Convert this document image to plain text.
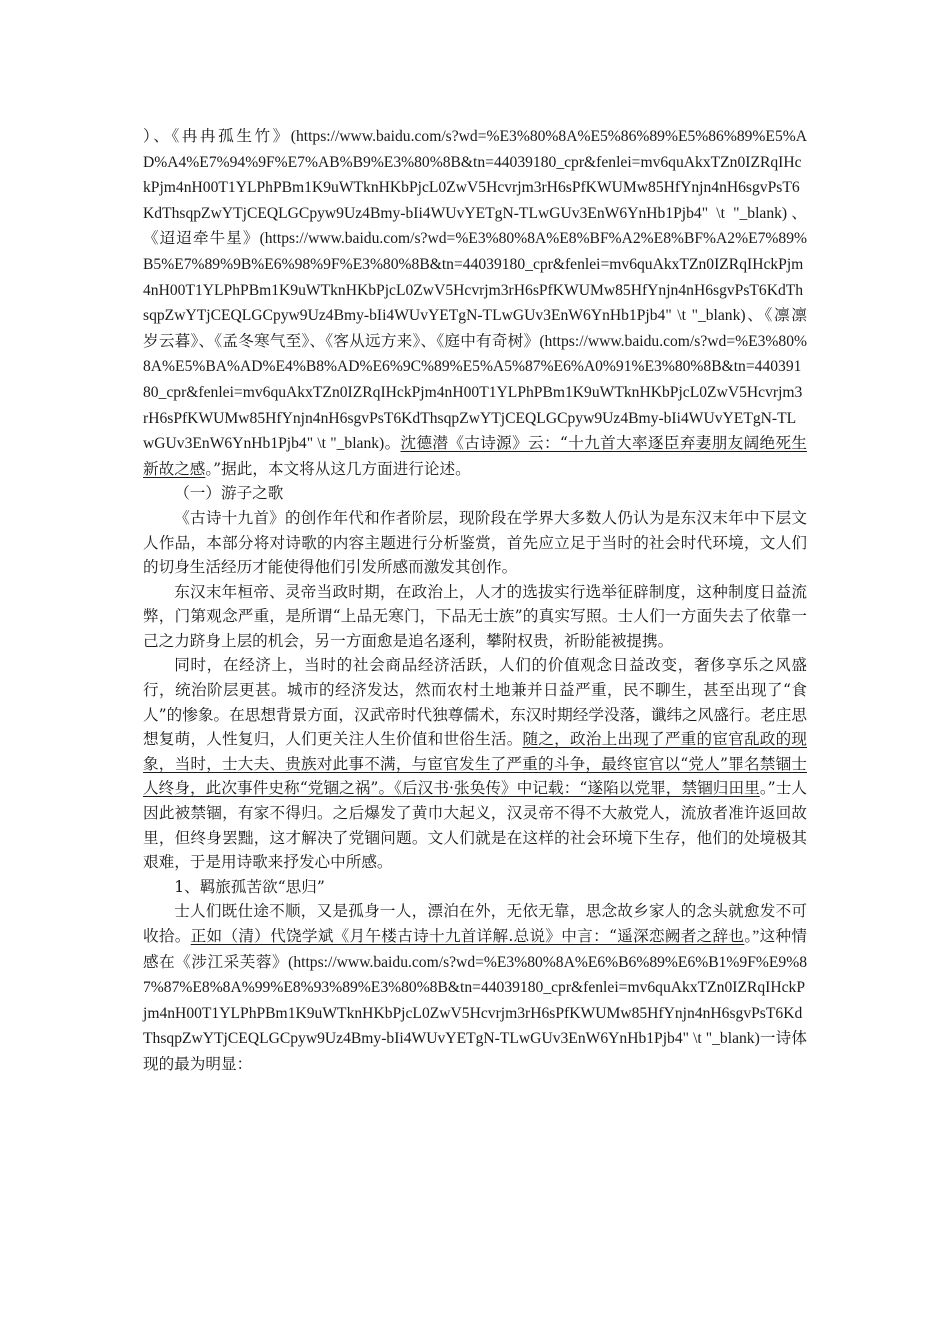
）、《冉冉孤生竹》(https://www.baidu.com/s?wd=%E3%80%8A%E5%86%89%E5%86%89%E5%AD%A4%E7%94%9F%E7%AB%B9%E3%80%8B&tn=44039180_cpr&fenlei=mv6quAkxTZn0IZRqIHckPjm4nH00T1YLPhPBm1K9uWTknHKbPjcL0ZwV5Hcvrjm3rH6sPfKWUMw85HfYnjn4nH6sgvPsT6KdThsqpZwYTjCEQLGCpyw9Uz4Bmy-bIi4WUvYETgN-TLwGUv3EnW6YnHb1Pjb4" \t "_blank)、《迢迢牵牛星》(https://www.baidu.com/s?wd=%E3%80%8A%E8%BF%A2%E8%BF%A2%E7%89%B5%E7%89%9B%E6%98%9F%E3%80%8B&tn=44039180_cpr&fenlei=mv6quAkxTZn0IZRqIHckPjm4nH00T1YLPhPBm1K9uWTknHKbPjcL0ZwV5Hcvrjm3rH6sPfKWUMw85HfYnjn4nH6sgvPsT6KdThsqpZwYTjCEQLGCpyw9Uz4Bmy-bIi4WUvYETgN-TLwGUv3EnW6YnHb1Pjb4" \t "_blank)、《凛凛岁云暮》、《孟冬寒气至》、《客从远方来》、《庭中有奇树》(https://www.baidu.com/s?wd=%E3%80%8A%E5%BA%AD%E4%B8%AD%E6%9C%89%E5%A5%87%E6%A0%91%E3%80%8B&tn=44039180_cpr&fenlei=mv6quAkxTZn0IZRqIHckPjm4nH00T1YLPhPBm1K9uWTknHKbPjcL0ZwV5Hcvrjm3rH6sPfKWUMw85HfYnjn4nH6sgvPsT6KdThsqpZwYTjCEQLGCpyw9Uz4Bmy-bIi4WUvYETgN-TLwGUv3EnW6YnHb1Pjb4" \t "_blank)。沈德潜《古诗源》云：“十九首大率逐臣弃妻朋友阔绝死生新故之感。”据此，本文将从这几方面进行论述。

（一）游子之歌

《古诗十九首》的创作年代和作者阶层，现阶段在学界大多数人仍认为是东汉末年中下层文人作品，本部分将对诗歌的内容主题进行分析鉴赏，首先应立足于当时的社会时代环境，文人们的切身生活经历才能使得他们引发所感而激发其创作。

东汉末年桓帝、灵帝当政时期，在政治上，人才的选拔实行选举征辟制度，这种制度日益流弊，门第观念严重，是所谓“上品无寒门，下品无士族”的真实写照。士人们一方面失去了依靠一己之力跻身上层的机会，另一方面愈是追名逐利，攀附权贵，祈盼能被提携。

同时，在经济上，当时的社会商品经济活跃，人们的价值观念日益改变，奢侈享乐之风盛行，统治阶层更甚。城市的经济发达，然而农村土地兼并日益严重，民不聊生，甚至出现了“食人”的惨象。在思想背景方面，汉武帝时代独尊儒术，东汉时期经学没落，谶纬之风盛行。老庄思想复萌，人性复归，人们更关注人生价值和世俗生活。随之，政治上出现了严重的宦官乱政的现象，当时，士大夫、贵族对此事不满，与宦官发生了严重的斗争，最终宦官以“党人”罪名禁锢士人终身，此次事件史称“党锢之祸”。《后汉书·张奂传》中记载：“遂陷以党罪，禁锢归田里。”士人因此被禁锢，有家不得归。之后爆发了黄巾大起义，汉灵帝不得不大赦党人，流放者准许返回故里，但终身罢黜，这才解决了党锢问题。文人们就是在这样的社会环境下生存，他们的处境极其艰难，于是用诗歌来抒发心中所感。

1、羁旅孤苦欲“思归”

士人们既仕途不顺，又是孤身一人，漂泊在外，无依无靠，思念故乡家人的念头就愈发不可收拾。正如（清）代饶学斌《月午楼古诗十九首详解.总说》中言：“遥深恋阙者之辞也。”这种情感在《涉江采芙蓉》(https://www.baidu.com/s?wd=%E3%80%8A%E6%B6%89%E6%B1%9F%E9%87%87%E8%8A%99%E8%93%89%E3%80%8B&tn=44039180_cpr&fenlei=mv6quAkxTZn0IZRqIHckPjm4nH00T1YLPhPBm1K9uWTknHKbPjcL0ZwV5Hcvrjm3rH6sPfKWUMw85HfYnjn4nH6sgvPsT6KdThsqpZwYTjCEQLGCpyw9Uz4Bmy-bIi4WUvYETgN-TLwGUv3EnW6YnHb1Pjb4" \t "_blank)一诗体现的最为明显：
